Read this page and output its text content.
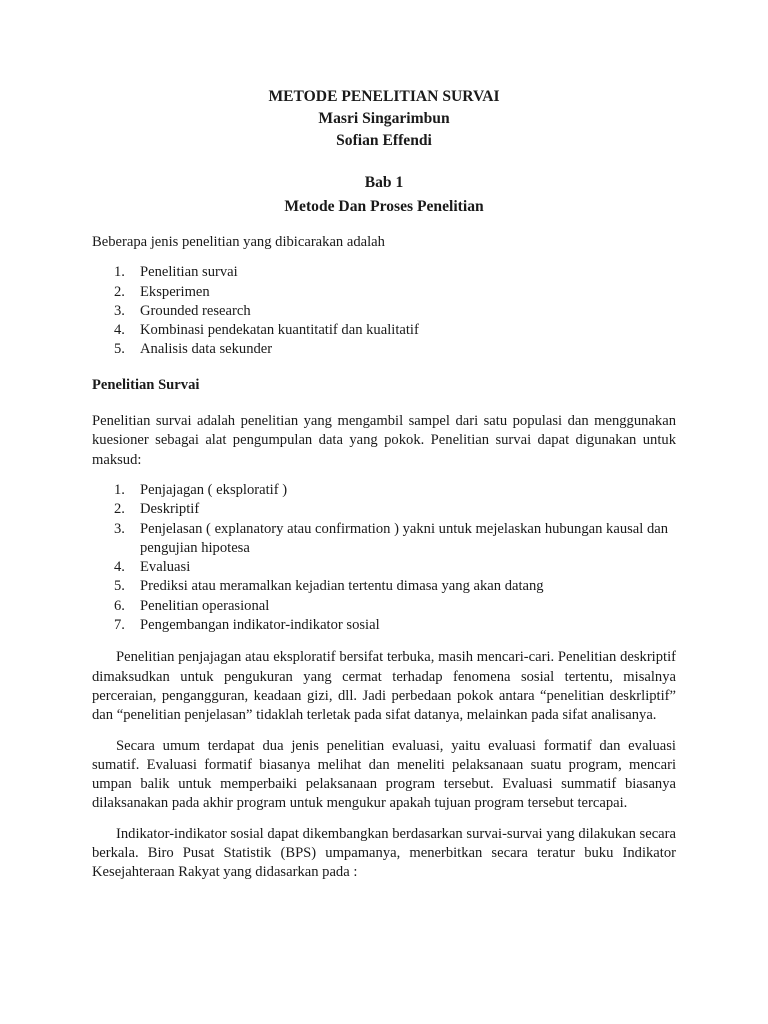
METODE PENELITIAN SURVAI
Masri Singarimbun
Sofian Effendi
Bab 1
Metode Dan Proses Penelitian

Beberapa jenis penelitian yang dibicarakan adalah

1. Penelitian survai
2. Eksperimen
3. Grounded research
4. Kombinasi pendekatan kuantitatif dan kualitatif
5. Analisis data sekunder
Penelitian Survai

Penelitian survai adalah penelitian yang mengambil sampel dari satu populasi dan menggunakan kuesioner sebagai alat pengumpulan data yang pokok. Penelitian survai dapat digunakan untuk maksud:

1. Penjajagan ( eksploratif )
2. Deskriptif
3. Penjelasan ( explanatory atau confirmation ) yakni untuk mejelaskan hubungan kausal dan pengujian hipotesa
4. Evaluasi
5. Prediksi atau meramalkan kejadian tertentu dimasa yang akan datang
6. Penelitian operasional
7. Pengembangan indikator-indikator sosial

Penelitian penjajagan atau eksploratif bersifat terbuka, masih mencari-cari. Penelitian deskriptif dimaksudkan untuk pengukuran yang cermat terhadap fenomena sosial tertentu, misalnya perceraian, pengangguran, keadaan gizi, dll. Jadi perbedaan pokok antara “penelitian deskrliptif” dan “penelitian penjelasan” tidaklah terletak pada sifat datanya, melainkan pada sifat analisanya.

Secara umum terdapat dua jenis penelitian evaluasi, yaitu evaluasi formatif dan evaluasi sumatif. Evaluasi formatif biasanya melihat dan meneliti pelaksanaan suatu program, mencari umpan balik untuk memperbaiki pelaksanaan program tersebut. Evaluasi summatif biasanya dilaksanakan pada akhir program untuk mengukur apakah tujuan program tersebut tercapai.

Indikator-indikator sosial dapat dikembangkan berdasarkan survai-survai yang dilakukan secara berkala. Biro Pusat Statistik (BPS) umpamanya, menerbitkan secara teratur buku Indikator Kesejahteraan Rakyat yang didasarkan pada :
